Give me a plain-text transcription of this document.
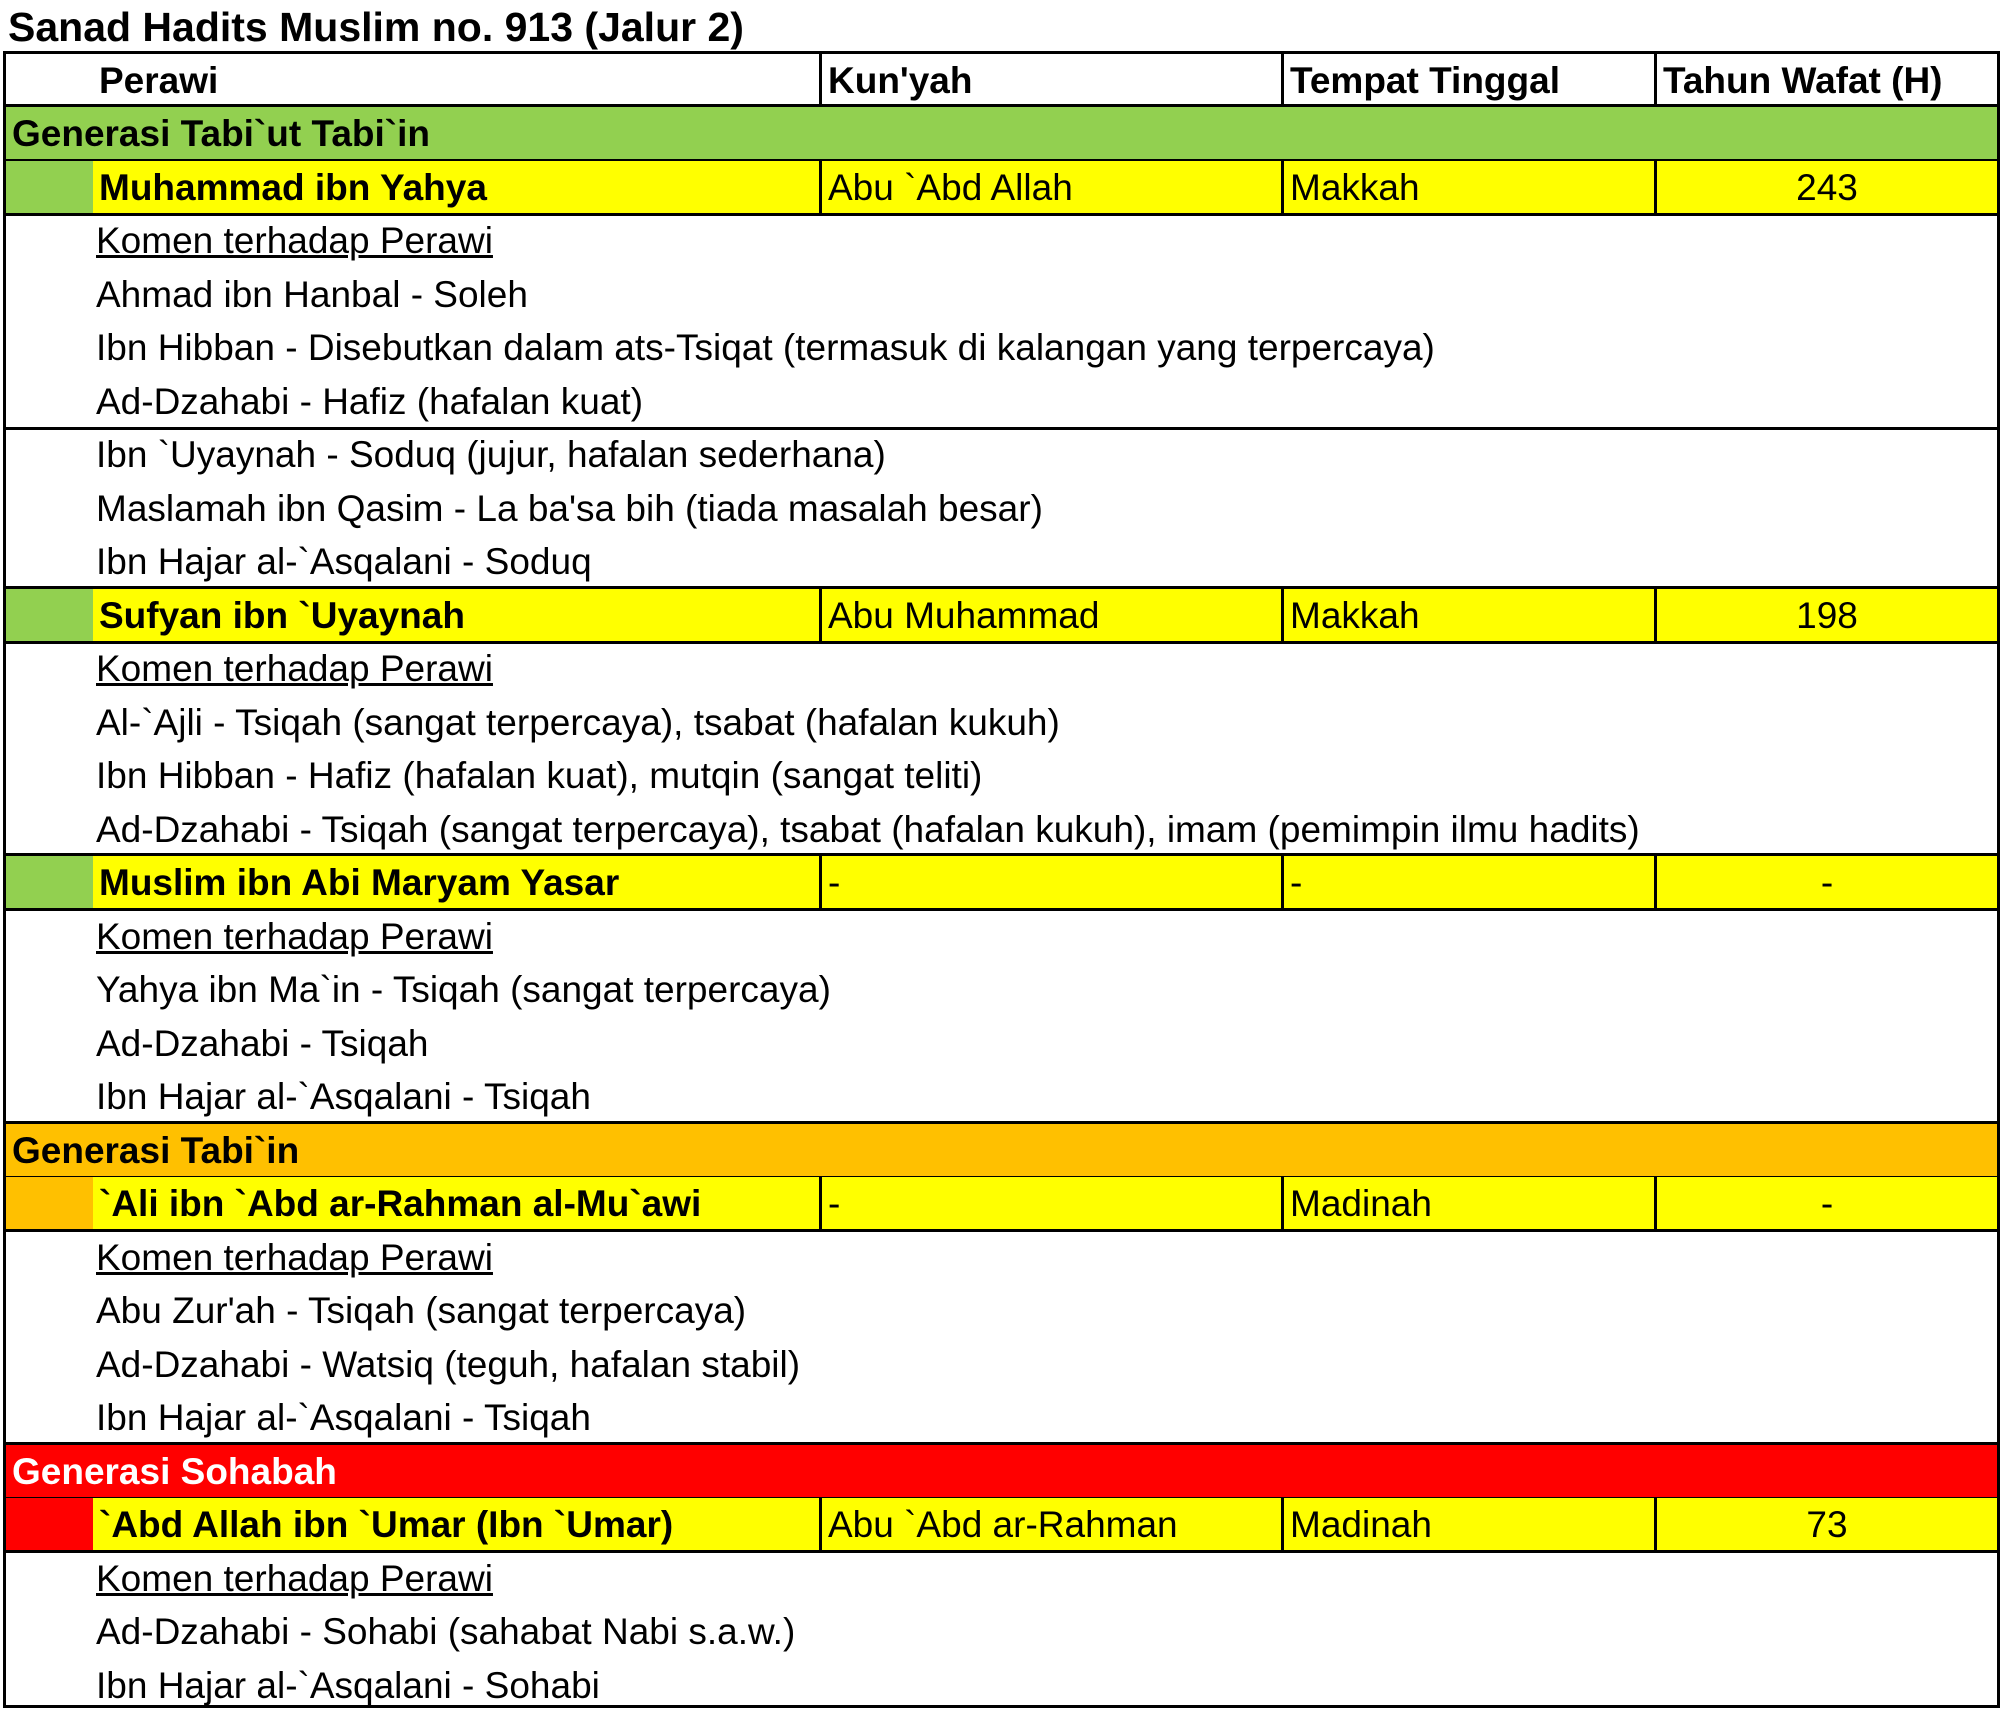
Sanad Hadits Muslim no. 913 (Jalur 2)
Perawi	Kun'yah	Tempat Tinggal	Tahun Wafat (H)
Generasi Tabi`ut Tabi`in
Muhammad ibn Yahya	Abu `Abd Allah	Makkah	243
Komen terhadap Perawi
Ahmad ibn Hanbal - Soleh
Ibn Hibban - Disebutkan dalam ats-Tsiqat (termasuk di kalangan yang terpercaya)
Ad-Dzahabi - Hafiz (hafalan kuat)
Ibn `Uyaynah - Soduq (jujur, hafalan sederhana)
Maslamah ibn Qasim - La ba'sa bih (tiada masalah besar)
Ibn Hajar al-`Asqalani - Soduq
Sufyan ibn `Uyaynah	Abu Muhammad	Makkah	198
Komen terhadap Perawi
Al-`Ajli - Tsiqah (sangat terpercaya), tsabat (hafalan kukuh)
Ibn Hibban - Hafiz (hafalan kuat), mutqin (sangat teliti)
Ad-Dzahabi - Tsiqah (sangat terpercaya), tsabat (hafalan kukuh), imam (pemimpin ilmu hadits)
Muslim ibn Abi Maryam Yasar	-	-	-
Komen terhadap Perawi
Yahya ibn Ma`in - Tsiqah (sangat terpercaya)
Ad-Dzahabi - Tsiqah
Ibn Hajar al-`Asqalani - Tsiqah
Generasi Tabi`in
`Ali ibn `Abd ar-Rahman al-Mu`awi	-	Madinah	-
Komen terhadap Perawi
Abu Zur'ah - Tsiqah (sangat terpercaya)
Ad-Dzahabi - Watsiq (teguh, hafalan stabil)
Ibn Hajar al-`Asqalani - Tsiqah
Generasi Sohabah
`Abd Allah ibn `Umar (Ibn `Umar)	Abu `Abd ar-Rahman	Madinah	73
Komen terhadap Perawi
Ad-Dzahabi - Sohabi (sahabat Nabi s.a.w.)
Ibn Hajar al-`Asqalani - Sohabi
